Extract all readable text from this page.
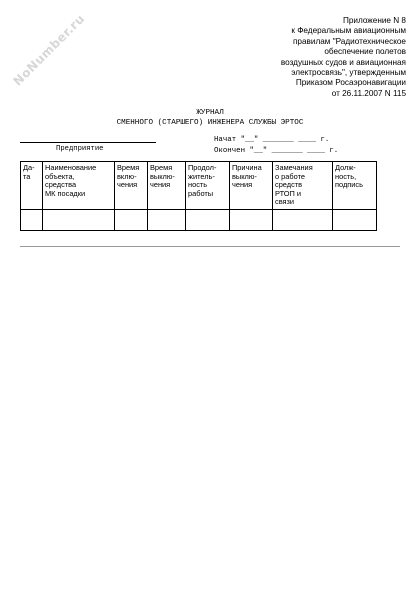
NoNumber.ru	Приложение N 8
к Федеральным авиационным
правилам "Радиотехническое
обеспечение полетов
воздушных судов и авиационная
электросвязь", утвержденным
Приказом Росаэронавигации
от 26.11.2007 N 115
ЖУРНАЛ
СМЕННОГО (СТАРШЕГО) ИНЖЕНЕРА СЛУЖБЫ ЭРТОС
Предприятие
Начат "__" _______ ____ г.
Окончен "__" _______ ____ г.
Да-
та	Наименование
объекта,
средства
МК посадки	Время
вклю-
чения	Время
выклю-
чения	Продол-
житель-
ность
работы	Причина
выклю-
чения	Замечания
о работе
средств
РТОП и
связи	Долж-
ность,
подпись
